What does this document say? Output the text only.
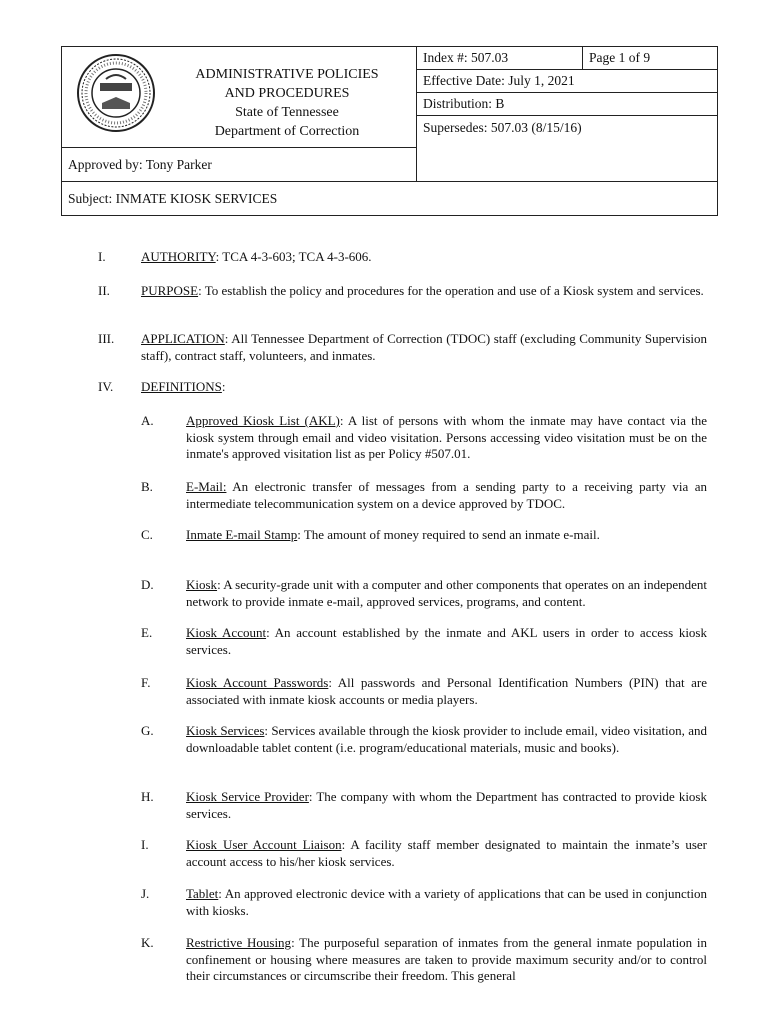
ADMINISTRATIVE POLICIES
AND PROCEDURES
State of Tennessee
Department of Correction
	Index #: 507.03	Page 1 of 9
Effective Date: July 1, 2021
Distribution: B
Supersedes: 507.03 (8/15/16)
Approved by: Tony Parker
Subject: INMATE KIOSK SERVICES
I.	AUTHORITY: TCA 4-3-603; TCA 4-3-606.
II.	PURPOSE: To establish the policy and procedures for the operation and use of a Kiosk system and services.
III.	APPLICATION: All Tennessee Department of Correction (TDOC) staff (excluding Community Supervision staff), contract staff, volunteers, and inmates.
IV.	DEFINITIONS:
A.	Approved Kiosk List (AKL): A list of persons with whom the inmate may have contact via the kiosk system through email and video visitation. Persons accessing video visitation must be on the inmate's approved visitation list as per Policy #507.01.
B.	E-Mail: An electronic transfer of messages from a sending party to a receiving party via an intermediate telecommunication system on a device approved by TDOC.
C.	Inmate E-mail Stamp: The amount of money required to send an inmate e-mail.
D.	Kiosk: A security-grade unit with a computer and other components that operates on an independent network to provide inmate e-mail, approved services, programs, and content.
E.	Kiosk Account: An account established by the inmate and AKL users in order to access kiosk services.
F.	Kiosk Account Passwords: All passwords and Personal Identification Numbers (PIN) that are associated with inmate kiosk accounts or media players.
G.	Kiosk Services: Services available through the kiosk provider to include email, video visitation, and downloadable tablet content (i.e. program/educational materials, music and books).
H.	Kiosk Service Provider: The company with whom the Department has contracted to provide kiosk services.
I.	Kiosk User Account Liaison: A facility staff member designated to maintain the inmate’s user account access to his/her kiosk services.
J.	Tablet: An approved electronic device with a variety of applications that can be used in conjunction with kiosks.
K.	Restrictive Housing: The purposeful separation of inmates from the general inmate population in confinement or housing where measures are taken to provide maximum security and/or to control their circumstances or circumscribe their freedom. This general
